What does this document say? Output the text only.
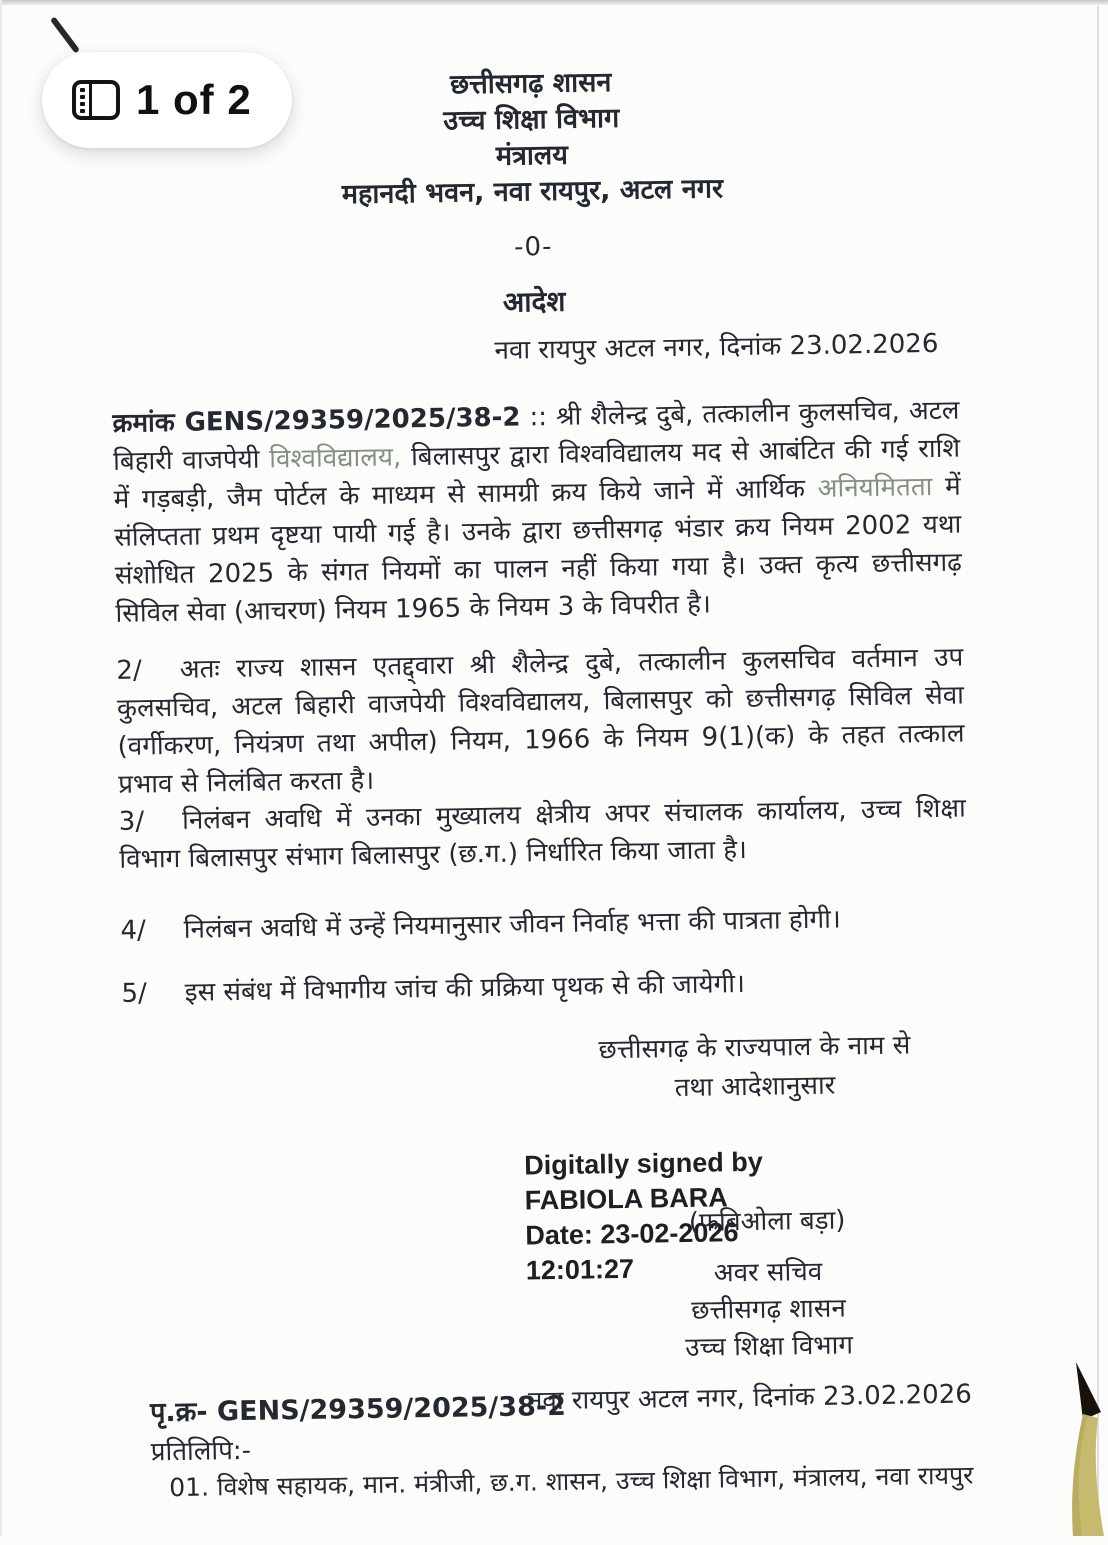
छत्तीसगढ़ शासन
उच्च शिक्षा विभाग
मंत्रालय
महानदी भवन, नवा रायपुर, अटल नगर
-0-
आदेश
नवा रायपुर अटल नगर, दिनांक 23.02.2026
क्रमांक GENS/29359/2025/38-2 :: श्री शैलेन्द्र दुबे, तत्कालीन कुलसचिव, अटल बिहारी वाजपेयी विश्वविद्यालय, बिलासपुर द्वारा विश्वविद्यालय मद से आबंटित की गई राशि में गड़बड़ी, जैम पोर्टल के माध्यम से सामग्री क्रय किये जाने में आर्थिक अनियमितता में संलिप्तता प्रथम दृष्टया पायी गई है। उनके द्वारा छत्तीसगढ़ भंडार क्रय नियम 2002 यथा संशोधित 2025 के संगत नियमों का पालन नहीं किया गया है। उक्त कृत्य छत्तीसगढ़ सिविल सेवा (आचरण) नियम 1965 के नियम 3 के विपरीत है।
2/ अतः राज्य शासन एतद्द्वारा श्री शैलेन्द्र दुबे, तत्कालीन कुलसचिव वर्तमान उप कुलसचिव, अटल बिहारी वाजपेयी विश्वविद्यालय, बिलासपुर को छत्तीसगढ़ सिविल सेवा (वर्गीकरण, नियंत्रण तथा अपील) नियम, 1966 के नियम 9(1)(क) के तहत तत्काल प्रभाव से निलंबित करता है।
3/ निलंबन अवधि में उनका मुख्यालय क्षेत्रीय अपर संचालक कार्यालय, उच्च शिक्षा विभाग बिलासपुर संभाग बिलासपुर (छ.ग.) निर्धारित किया जाता है।
4/ निलंबन अवधि में उन्हें नियमानुसार जीवन निर्वाह भत्ता की पात्रता होगी।
5/ इस संबंध में विभागीय जांच की प्रक्रिया पृथक से की जायेगी।
छत्तीसगढ़ के राज्यपाल के नाम से
तथा आदेशानुसार
Digitally signed by
FABIOLA BARA
Date: 23-02-2026
12:01:27
(फबिओला बड़ा)
अवर सचिव
छत्तीसगढ़ शासन
उच्च शिक्षा विभाग
पृ.क्र- GENS/29359/2025/38-2
नवा रायपुर अटल नगर, दिनांक 23.02.2026
प्रतिलिपि:-
01. विशेष सहायक, मान. मंत्रीजी, छ.ग. शासन, उच्च शिक्षा विभाग, मंत्रालय, नवा रायपुर
1 of 2
